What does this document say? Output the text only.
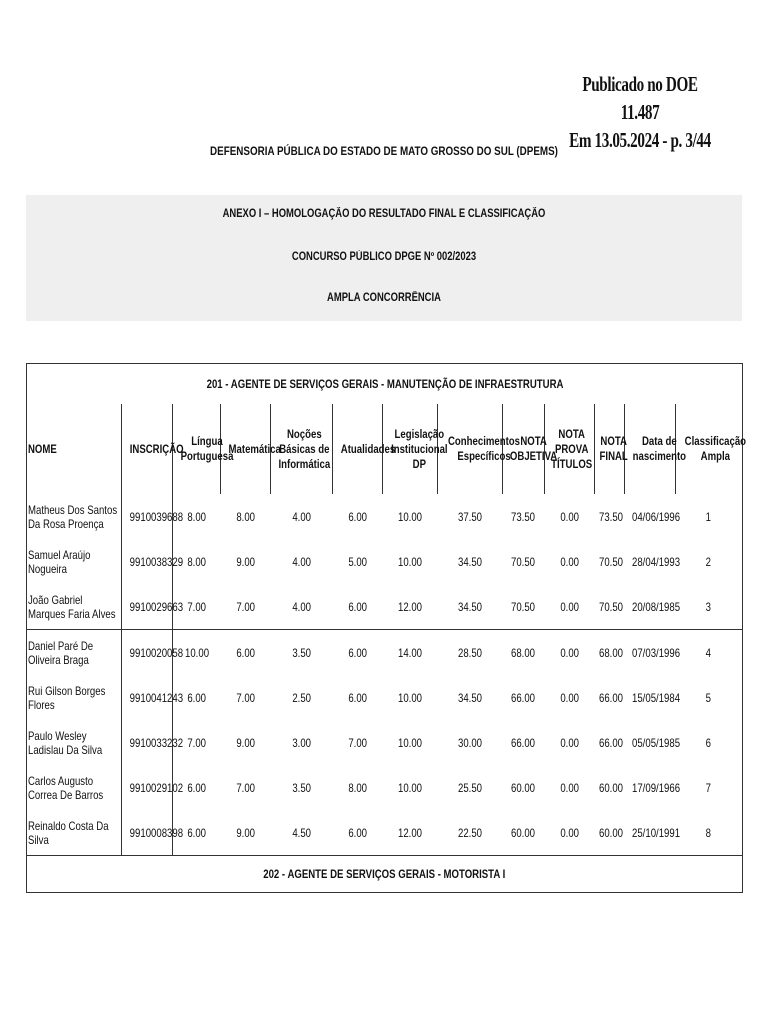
Publicado no DOE 11.487
Em 13.05.2024 - p. 3/44
DEFENSORIA PÚBLICA DO ESTADO DE MATO GROSSO DO SUL (DPEMS)
ANEXO I – HOMOLOGAÇÃO DO RESULTADO FINAL E CLASSIFICAÇÃO
CONCURSO PÚBLICO DPGE Nº 002/2023
AMPLA CONCORRÊNCIA
201 - AGENTE DE SERVIÇOS GERAIS - MANUTENÇÃO DE INFRAESTRUTURA												
NOME	INSCRIÇÃO	Língua Portuguesa	Matemática	Noções Básicas de Informática	Atualidades	Legislação Institucional DP	Conhecimentos Específicos	NOTA OBJETIVA	NOTA PROVA TÍTULOS	NOTA FINAL	Data de nascimento	Classificação Ampla

Matheus Dos Santos Da Rosa Proença	9910039688	8.00	8.00	4.00	6.00	10.00	37.50	73.50	0.00	73.50	04/06/1996	1

Samuel Araújo Nogueira	9910038329	8.00	9.00	4.00	5.00	10.00	34.50	70.50	0.00	70.50	28/04/1993	2

João Gabriel Marques Faria Alves	9910029663	7.00	7.00	4.00	6.00	12.00	34.50	70.50	0.00	70.50	20/08/1985	3

Daniel Paré De Oliveira Braga	9910020058	10.00	6.00	3.50	6.00	14.00	28.50	68.00	0.00	68.00	07/03/1996	4

Rui Gilson Borges Flores	9910041243	6.00	7.00	2.50	6.00	10.00	34.50	66.00	0.00	66.00	15/05/1984	5

Paulo Wesley Ladislau Da Silva	9910033232	7.00	9.00	3.00	7.00	10.00	30.00	66.00	0.00	66.00	05/05/1985	6

Carlos Augusto Correa De Barros	9910029102	6.00	7.00	3.50	8.00	10.00	25.50	60.00	0.00	60.00	17/09/1966	7

Reinaldo Costa Da Silva	9910008398	6.00	9.00	4.50	6.00	12.00	22.50	60.00	0.00	60.00	25/10/1991	8
202 - AGENTE DE SERVIÇOS GERAIS - MOTORISTA I												
